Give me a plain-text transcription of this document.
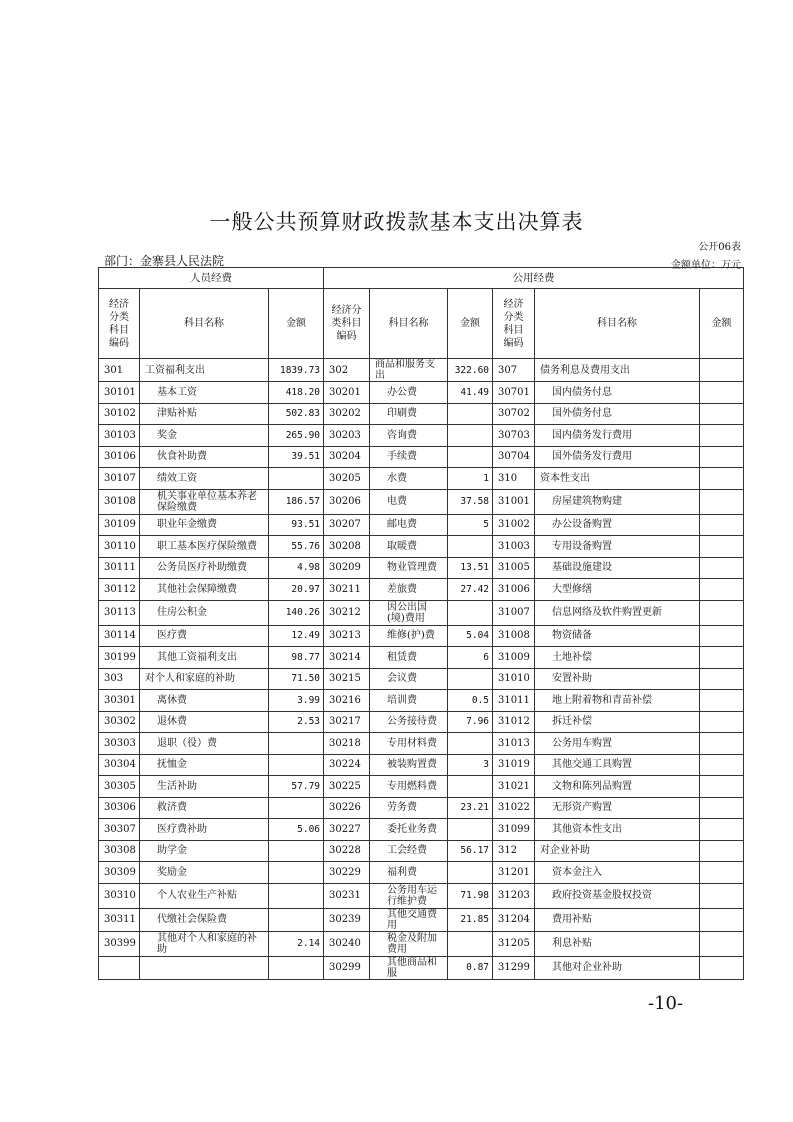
一般公共预算财政拨款基本支出决算表
公开06表
部门：金寨县人民法院	金额单位：万元
人员经费			公用经费					
经济分类科目编码	科目名称	金额	经济分类科目编码	科目名称	金额	经济分类科目编码	科目名称	金额
301	工资福利支出	1839.73	302	商品和服务支出	322.60	307	债务利息及费用支出	
30101	基本工资	418.20	30201	办公费	41.49	30701	国内债务付息	
30102	津贴补贴	502.83	30202	印刷费		30702	国外债务付息	
30103	奖金	265.90	30203	咨询费		30703	国内债务发行费用	
30106	伙食补助费	39.51	30204	手续费		30704	国外债务发行费用	
30107	绩效工资		30205	水费	1	310	资本性支出	
30108	机关事业单位基本养老保险缴费	186.57	30206	电费	37.58	31001	房屋建筑物购建	
30109	职业年金缴费	93.51	30207	邮电费	5	31002	办公设备购置	
30110	职工基本医疗保险缴费	55.76	30208	取暖费		31003	专用设备购置	
30111	公务员医疗补助缴费	4.98	30209	物业管理费	13.51	31005	基础设施建设	
30112	其他社会保障缴费	20.97	30211	差旅费	27.42	31006	大型修缮	
30113	住房公积金	140.26	30212	因公出国(境)费用		31007	信息网络及软件购置更新	
30114	医疗费	12.49	30213	维修(护)费	5.04	31008	物资储备	
30199	其他工资福利支出	98.77	30214	租赁费	6	31009	土地补偿	
303	对个人和家庭的补助	71.50	30215	会议费		31010	安置补助	
30301	离休费	3.99	30216	培训费	0.5	31011	地上附着物和青苗补偿	
30302	退休费	2.53	30217	公务接待费	7.96	31012	拆迁补偿	
30303	退职（役）费		30218	专用材料费		31013	公务用车购置	
30304	抚恤金		30224	被装购置费	3	31019	其他交通工具购置	
30305	生活补助	57.79	30225	专用燃料费		31021	文物和陈列品购置	
30306	救济费		30226	劳务费	23.21	31022	无形资产购置	
30307	医疗费补助	5.06	30227	委托业务费		31099	其他资本性支出	
30308	助学金		30228	工会经费	56.17	312	对企业补助	
30309	奖励金		30229	福利费		31201	资本金注入	
30310	个人农业生产补贴		30231	公务用车运行维护费	71.98	31203	政府投资基金股权投资	
30311	代缴社会保险费		30239	其他交通费用	21.85	31204	费用补贴	
30399	其他对个人和家庭的补助	2.14	30240	税金及附加费用		31205	利息补贴	
			30299	其他商品和服	0.87	31299	其他对企业补助	
-10-
